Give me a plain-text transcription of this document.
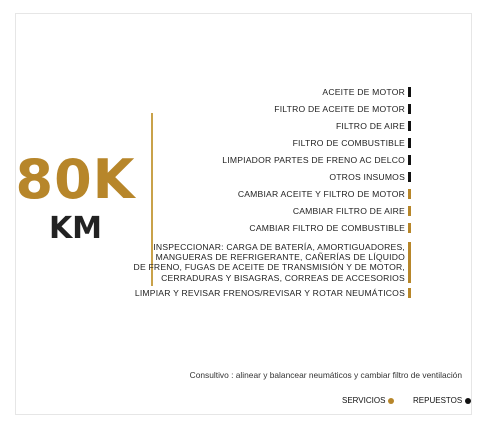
80K
KM
ACEITE DE MOTOR
FILTRO DE ACEITE DE MOTOR
FILTRO DE AIRE
FILTRO DE COMBUSTIBLE
LIMPIADOR PARTES DE FRENO AC DELCO
OTROS INSUMOS
CAMBIAR ACEITE Y FILTRO DE MOTOR
CAMBIAR FILTRO DE AIRE
CAMBIAR FILTRO DE COMBUSTIBLE
INSPECCIONAR: CARGA DE BATERÍA, AMORTIGUADORES,
MANGUERAS DE REFRIGERANTE, CAÑERÍAS DE LÍQUIDO
DE FRENO, FUGAS DE ACEITE DE TRANSMISIÓN Y DE MOTOR,
CERRADURAS Y BISAGRAS, CORREAS DE ACCESORIOS
LIMPIAR Y REVISAR FRENOS/REVISAR Y ROTAR NEUMÁTICOS
Consultivo : alinear y balancear neumáticos y cambiar filtro de ventilación
SERVICIOS	REPUESTOS
